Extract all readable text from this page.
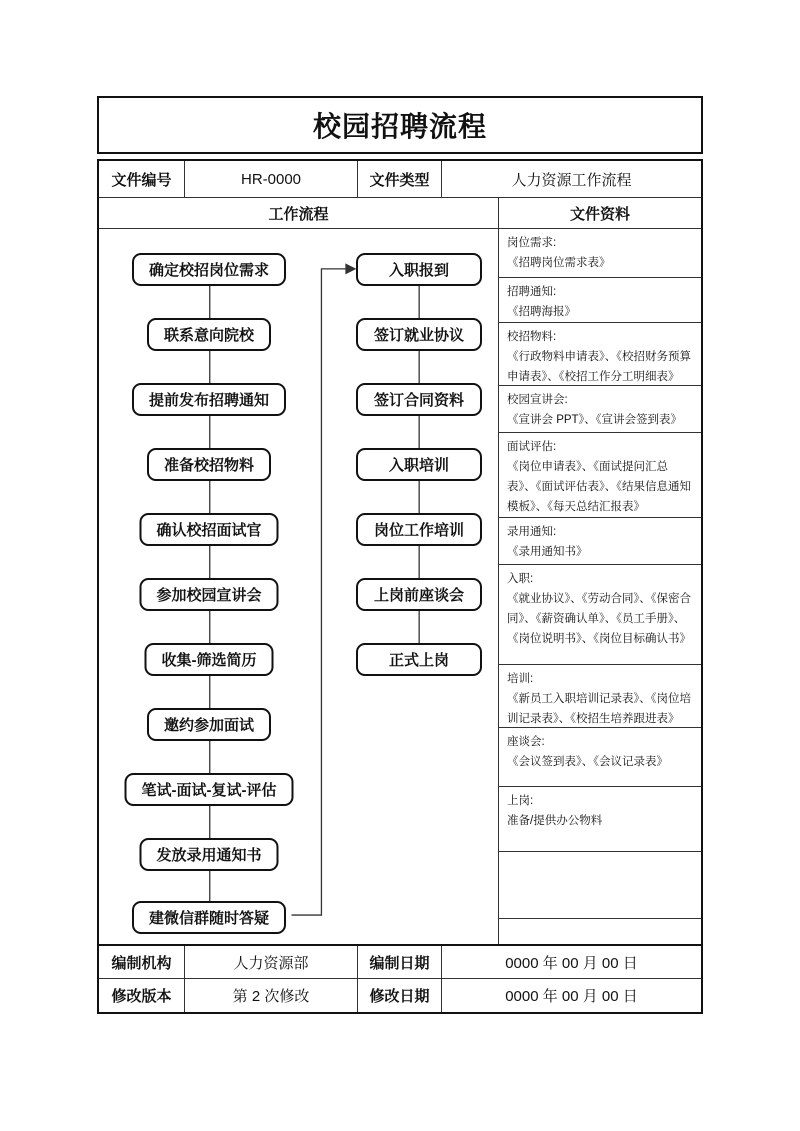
校园招聘流程
文件编号	HR-0000	文件类型	人力资源工作流程
工作流程	文件资料
确定校招岗位需求
联系意向院校
提前发布招聘通知
准备校招物料
确认校招面试官
参加校园宣讲会
收集-筛选简历
邀约参加面试
笔试-面试-复试-评估
发放录用通知书
建微信群随时答疑
入职报到
签订就业协议
签订合同资料
入职培训
岗位工作培训
上岗前座谈会
正式上岗
岗位需求:
《招聘岗位需求表》
招聘通知:
《招聘海报》
校招物料:
《行政物料申请表》、《校招财务预算申请表》、《校招工作分工明细表》
校园宣讲会:
《宣讲会 PPT》、《宣讲会签到表》
面试评估:
《岗位申请表》、《面试提问汇总表》、《面试评估表》、《结果信息通知模板》、《每天总结汇报表》
录用通知:
《录用通知书》
入职:
《就业协议》、《劳动合同》、《保密合同》、《薪资确认单》、《员工手册》、《岗位说明书》、《岗位目标确认书》
培训:
《新员工入职培训记录表》、《岗位培训记录表》、《校招生培养跟进表》
座谈会:
《会议签到表》、《会议记录表》
上岗:
准备/提供办公物料
编制机构	人力资源部	编制日期	0000 年 00 月 00 日
修改版本	第 2 次修改	修改日期	0000 年 00 月 00 日
